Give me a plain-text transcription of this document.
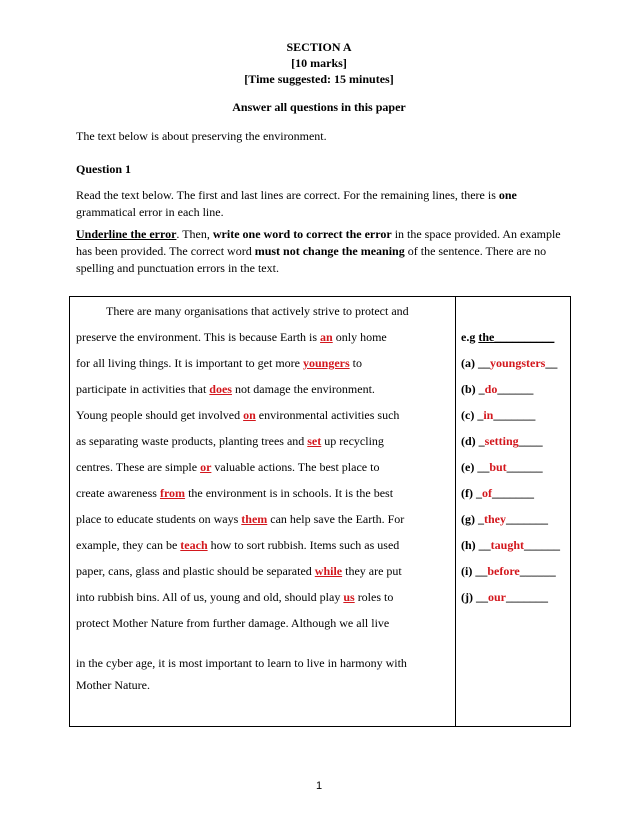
SECTION A
[10 marks]
[Time suggested: 15 minutes]
Answer all questions in this paper
The text below is about preserving the environment.
Question 1
Read the text below. The first and last lines are correct. For the remaining lines, there is one
grammatical error in each line.
Underline the error. Then, write one word to correct the error in the space provided. An example has been provided. The correct word must not change the meaning of the sentence. There are no spelling and punctuation errors in the text.
There are many organisations that actively strive to protect and
preserve the environment. This is because Earth is an only home
for all living things. It is important to get more youngers to
participate in activities that does not damage the environment.
Young people should get involved on environmental activities such
as separating waste products, planting trees and set up recycling
centres. These are simple or valuable actions. The best place to
create awareness from the environment is in schools. It is the best
place to educate students on ways them can help save the Earth. For
example, they can be teach how to sort rubbish. Items such as used
paper, cans, glass and plastic should be separated while they are put
into rubbish bins. All of us, young and old, should play us roles to
protect Mother Nature from further damage. Although we all live
in the cyber age, it is most important to learn to live in harmony with
Mother Nature.
e.g the__________
(a) __youngsters__
(b) _do______
(c) _in_______
(d) _setting____
(e) __but______
(f) _of_______
(g) _they_______
(h) __taught______
(i) __before______
(j) __our_______
1
